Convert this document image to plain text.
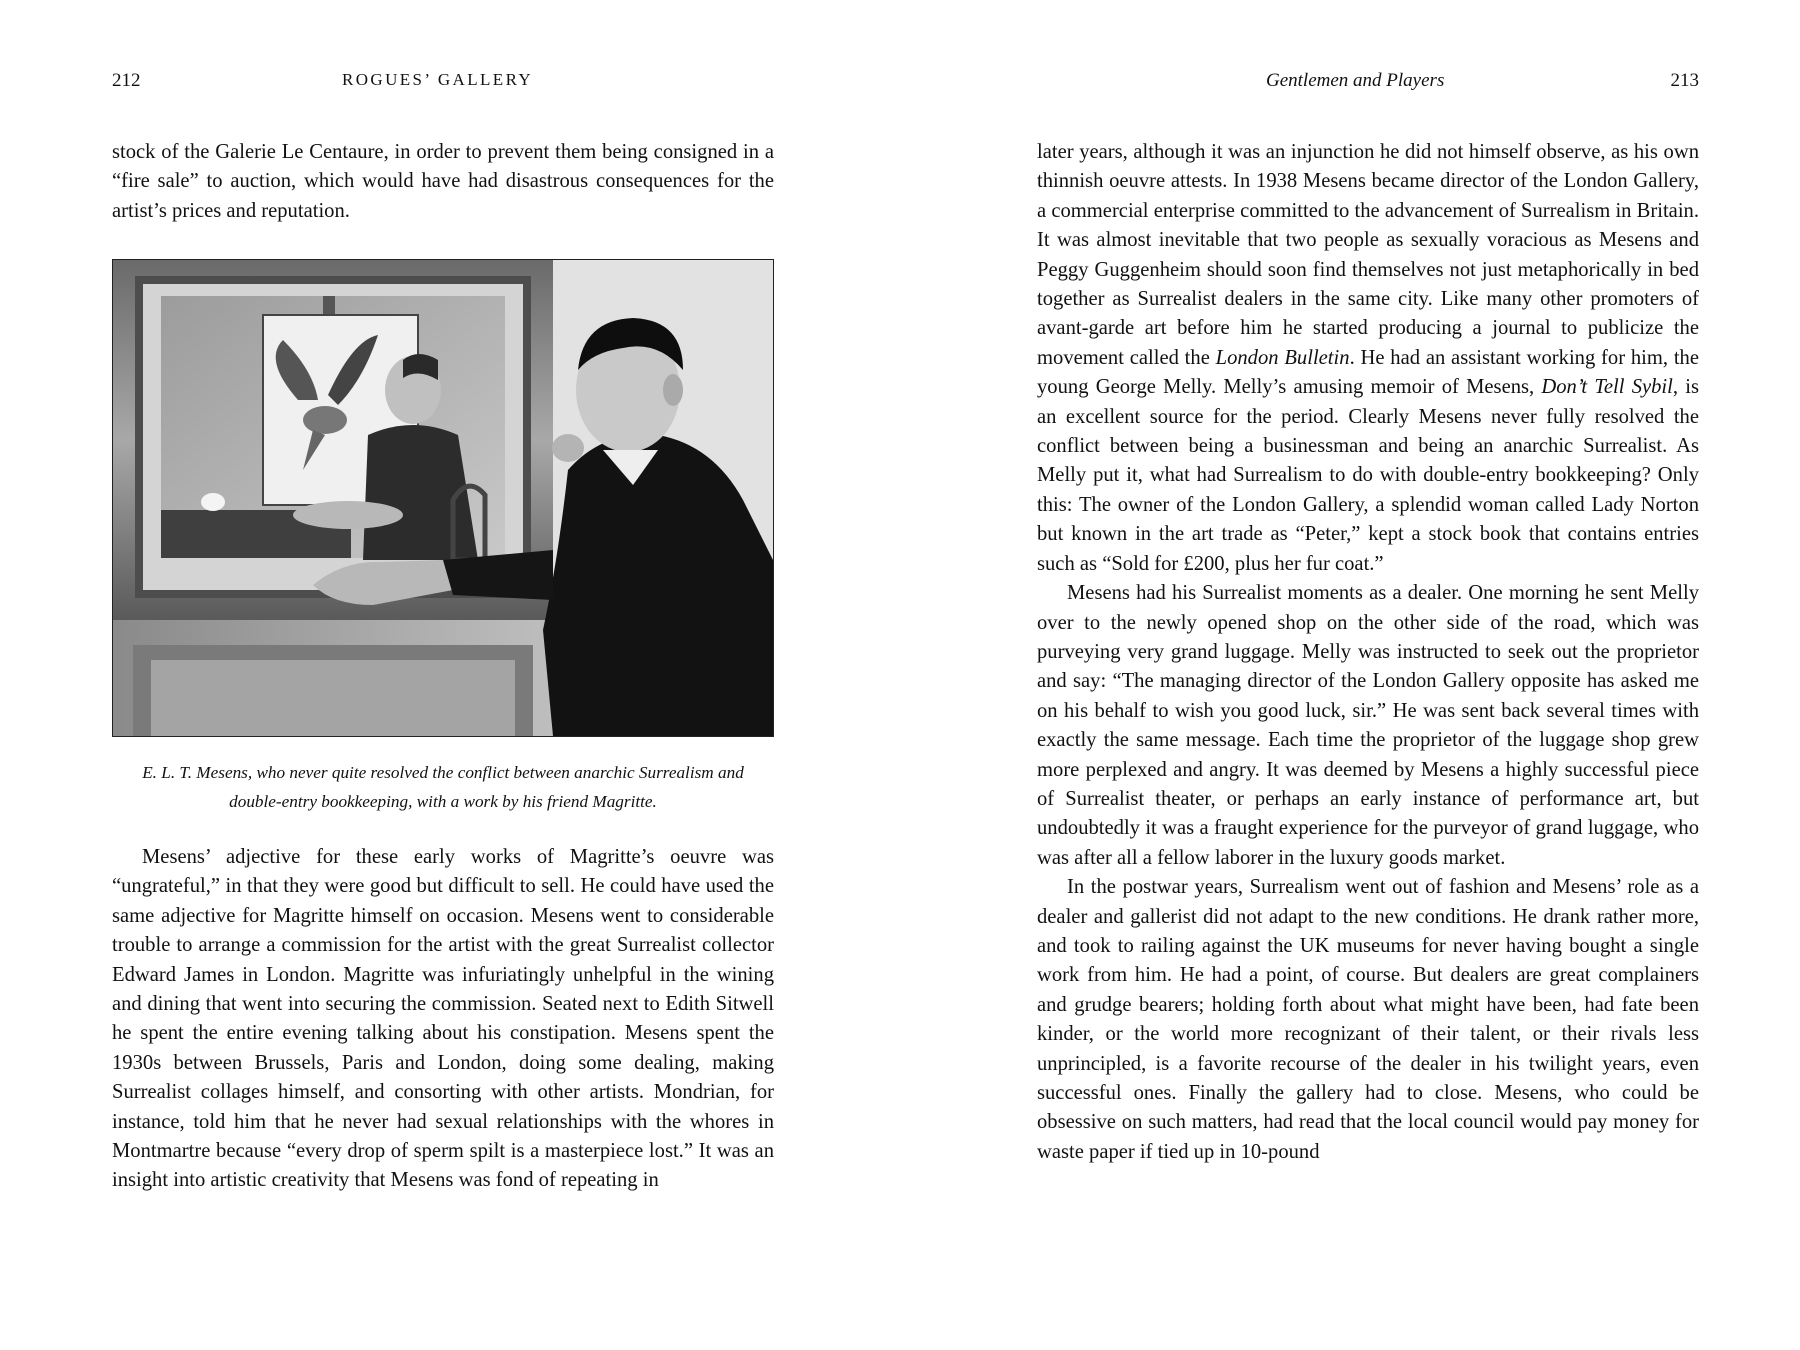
212	ROGUES’ GALLERY

stock of the Galerie Le Centaure, in order to prevent them being consigned in a “fire sale” to auction, which would have had disastrous consequences for the artist’s prices and reputation.

E. L. T. Mesens, who never quite resolved the conflict between anarchic Surrealism and
double-entry bookkeeping, with a work by his friend Magritte.

Mesens’ adjective for these early works of Magritte’s oeuvre was “ungrateful,” in that they were good but difficult to sell. He could have used the same adjective for Magritte himself on occasion. Mesens went to considerable trouble to arrange a commission for the artist with the great Surrealist collector Edward James in London. Magritte was infuriatingly unhelpful in the wining and dining that went into securing the commission. Seated next to Edith Sitwell he spent the entire evening talking about his constipation. Mesens spent the 1930s between Brussels, Paris and London, doing some dealing, making Surrealist collages himself, and consorting with other artists. Mondrian, for instance, told him that he never had sexual relationships with the whores in Montmartre because “every drop of sperm spilt is a masterpiece lost.” It was an insight into artistic creativity that Mesens was fond of repeating in

Gentlemen and Players	213

later years, although it was an injunction he did not himself observe, as his own thinnish oeuvre attests. In 1938 Mesens became director of the London Gallery, a commercial enterprise committed to the advancement of Surrealism in Britain. It was almost inevitable that two people as sexually voracious as Mesens and Peggy Guggenheim should soon find themselves not just metaphorically in bed together as Surrealist dealers in the same city. Like many other promoters of avant-garde art before him he started producing a journal to publicize the movement called the London Bulletin. He had an assistant working for him, the young George Melly. Melly’s amusing memoir of Mesens, Don’t Tell Sybil, is an excellent source for the period. Clearly Mesens never fully resolved the conflict between being a businessman and being an anarchic Surrealist. As Melly put it, what had Surrealism to do with double-entry bookkeeping? Only this: The owner of the London Gallery, a splendid woman called Lady Norton but known in the art trade as “Peter,” kept a stock book that contains entries such as “Sold for £200, plus her fur coat.”

Mesens had his Surrealist moments as a dealer. One morning he sent Melly over to the newly opened shop on the other side of the road, which was purveying very grand luggage. Melly was instructed to seek out the proprietor and say: “The managing director of the London Gallery opposite has asked me on his behalf to wish you good luck, sir.” He was sent back several times with exactly the same message. Each time the proprietor of the luggage shop grew more perplexed and angry. It was deemed by Mesens a highly successful piece of Surrealist theater, or perhaps an early instance of performance art, but undoubtedly it was a fraught experience for the purveyor of grand luggage, who was after all a fellow laborer in the luxury goods market.

In the postwar years, Surrealism went out of fashion and Mesens’ role as a dealer and gallerist did not adapt to the new conditions. He drank rather more, and took to railing against the UK museums for never having bought a single work from him. He had a point, of course. But dealers are great complainers and grudge bearers; holding forth about what might have been, had fate been kinder, or the world more recognizant of their talent, or their rivals less unprincipled, is a favorite recourse of the dealer in his twilight years, even successful ones. Finally the gallery had to close. Mesens, who could be obsessive on such matters, had read that the local council would pay money for waste paper if tied up in 10-pound
